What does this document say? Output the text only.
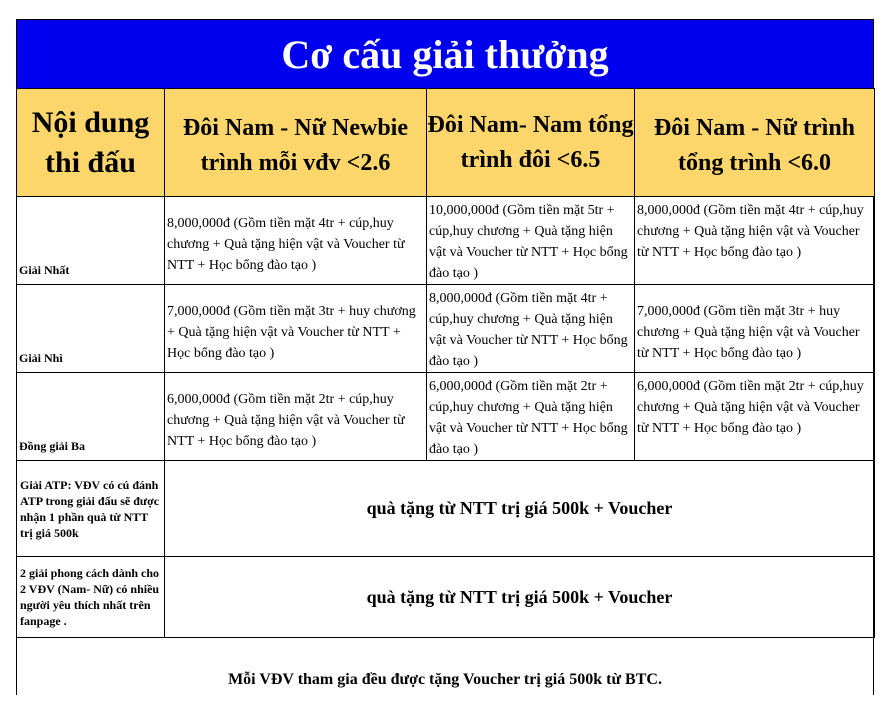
Cơ cấu giải thưởng
Nội dung thi đấu	Đôi Nam - Nữ Newbie trình mỗi vđv <2.6	Đôi Nam- Nam tổng trình đôi <6.5	Đôi Nam - Nữ trình tổng trình <6.0
Giải Nhất	8,000,000đ (Gồm tiền mặt 4tr + cúp,huy chương + Quà tặng hiện vật và Voucher từ NTT + Học bổng đào tạo )	10,000,000đ (Gồm tiền mặt 5tr + cúp,huy chương + Quà tặng hiện vật và Voucher từ NTT + Học bổng đào tạo )	8,000,000đ (Gồm tiền mặt 4tr + cúp,huy chương + Quà tặng hiện vật và Voucher từ NTT + Học bổng đào tạo )
Giải Nhì	7,000,000đ (Gồm tiền mặt 3tr + huy chương + Quà tặng hiện vật và Voucher từ NTT + Học bổng đào tạo )	8,000,000đ (Gồm tiền mặt 4tr + cúp,huy chương + Quà tặng hiện vật và Voucher từ NTT + Học bổng đào tạo )	7,000,000đ (Gồm tiền mặt 3tr + huy chương + Quà tặng hiện vật và Voucher từ NTT + Học bổng đào tạo )
Đồng giải Ba	6,000,000đ (Gồm tiền mặt 2tr + cúp,huy chương + Quà tặng hiện vật và Voucher từ NTT + Học bổng đào tạo )	6,000,000đ (Gồm tiền mặt 2tr + cúp,huy chương + Quà tặng hiện vật và Voucher từ NTT + Học bổng đào tạo )	6,000,000đ (Gồm tiền mặt 2tr + cúp,huy chương + Quà tặng hiện vật và Voucher từ NTT + Học bổng đào tạo )
Giải ATP: VĐV có cú đánh ATP trong giải đấu sẽ được nhận 1 phần quà từ NTT trị giá 500k	quà tặng từ NTT trị giá 500k + Voucher		
2 giải phong cách dành cho 2 VĐV (Nam- Nữ) có nhiều người yêu thích nhất trên fanpage .	quà tặng từ NTT trị giá 500k + Voucher		
Mỗi VĐV tham gia đều được tặng Voucher trị giá 500k từ BTC.
